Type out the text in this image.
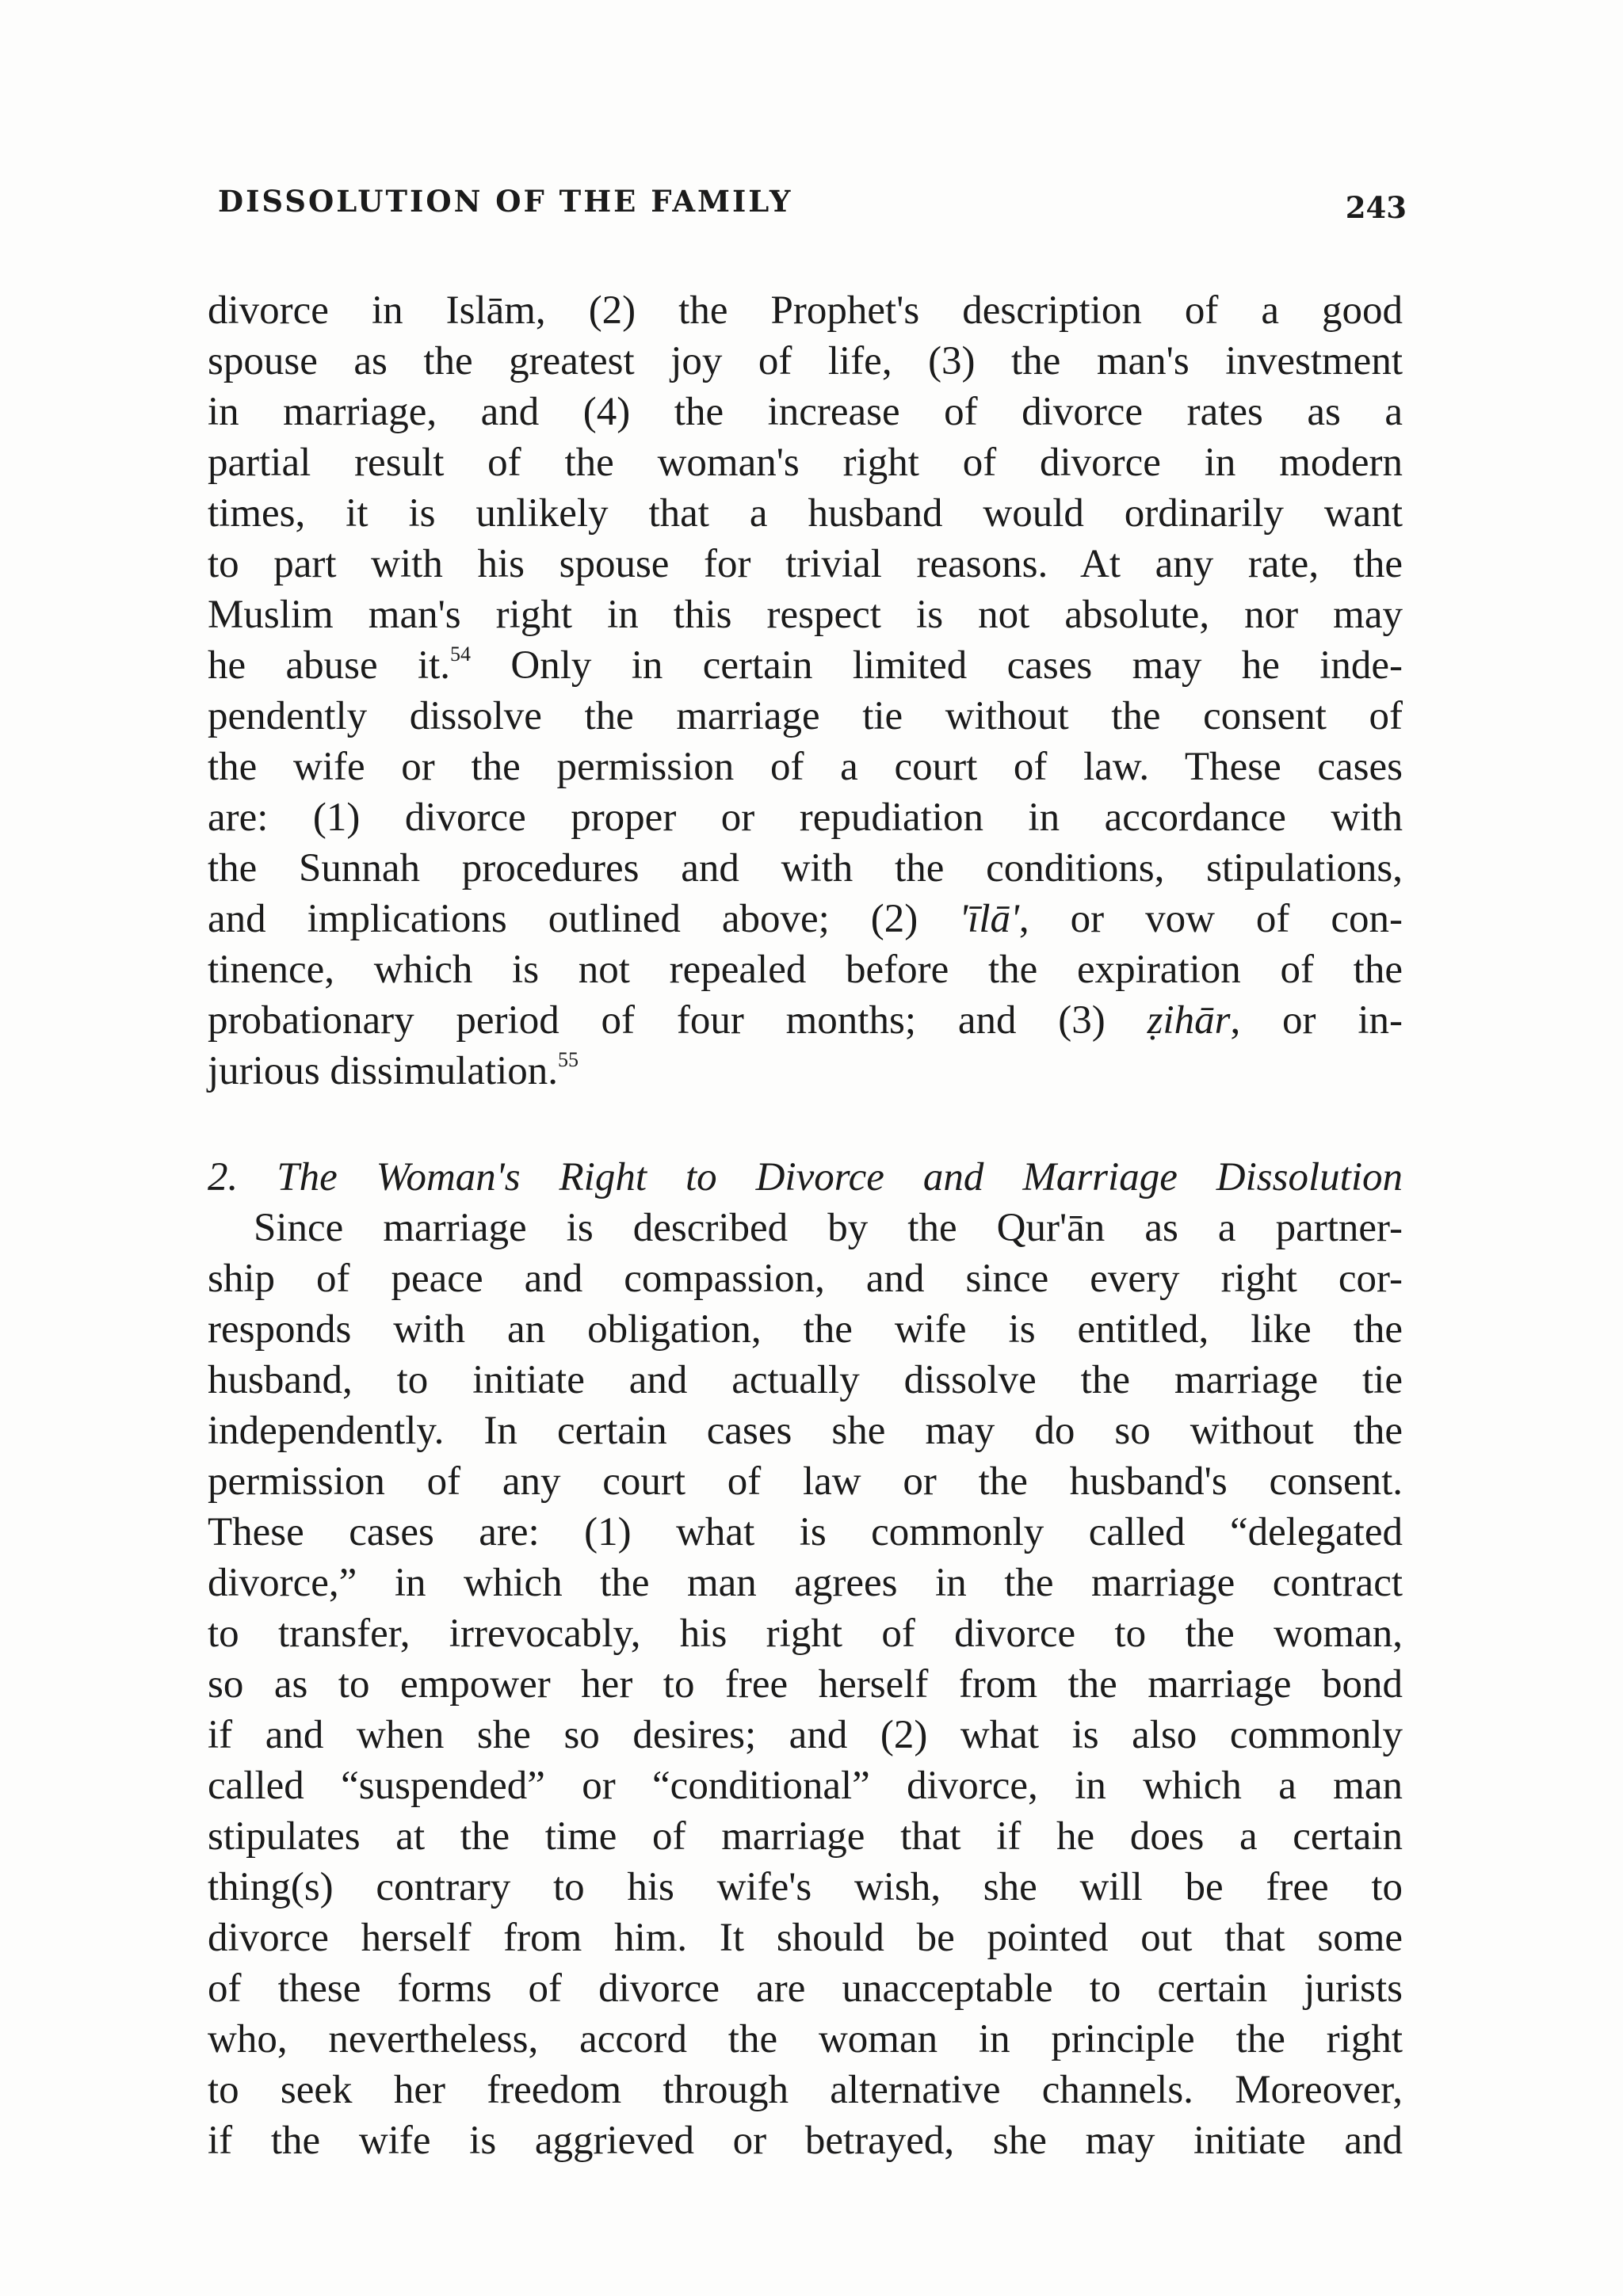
DISSOLUTION OF THE FAMILY	243
divorce in Islām, (2) the Prophet's description of a good
spouse as the greatest joy of life, (3) the man's investment
in marriage, and (4) the increase of divorce rates as a
partial result of the woman's right of divorce in modern
times, it is unlikely that a husband would ordinarily want
to part with his spouse for trivial reasons. At any rate, the
Muslim man's right in this respect is not absolute, nor may
he abuse it.$^{54}$ Only in certain limited cases may he inde-
pendently dissolve the marriage tie without the consent of
the wife or the permission of a court of law. These cases
are: (1) divorce proper or repudiation in accordance with
the Sunnah procedures and with the conditions, stipulations,
and implications outlined above; (2) 'īlā', or vow of con-
tinence, which is not repealed before the expiration of the
probationary period of four months; and (3) ẓihār, or in-
jurious dissimulation.$^{55}$
2. The Woman's Right to Divorce and Marriage Dissolution
Since marriage is described by the Qur'ān as a partner-
ship of peace and compassion, and since every right cor-
responds with an obligation, the wife is entitled, like the
husband, to initiate and actually dissolve the marriage tie
independently. In certain cases she may do so without the
permission of any court of law or the husband's consent.
These cases are: (1) what is commonly called “delegated
divorce,” in which the man agrees in the marriage contract
to transfer, irrevocably, his right of divorce to the woman,
so as to empower her to free herself from the marriage bond
if and when she so desires; and (2) what is also commonly
called “suspended” or “conditional” divorce, in which a man
stipulates at the time of marriage that if he does a certain
thing(s) contrary to his wife's wish, she will be free to
divorce herself from him. It should be pointed out that some
of these forms of divorce are unacceptable to certain jurists
who, nevertheless, accord the woman in principle the right
to seek her freedom through alternative channels. Moreover,
if the wife is aggrieved or betrayed, she may initiate and
